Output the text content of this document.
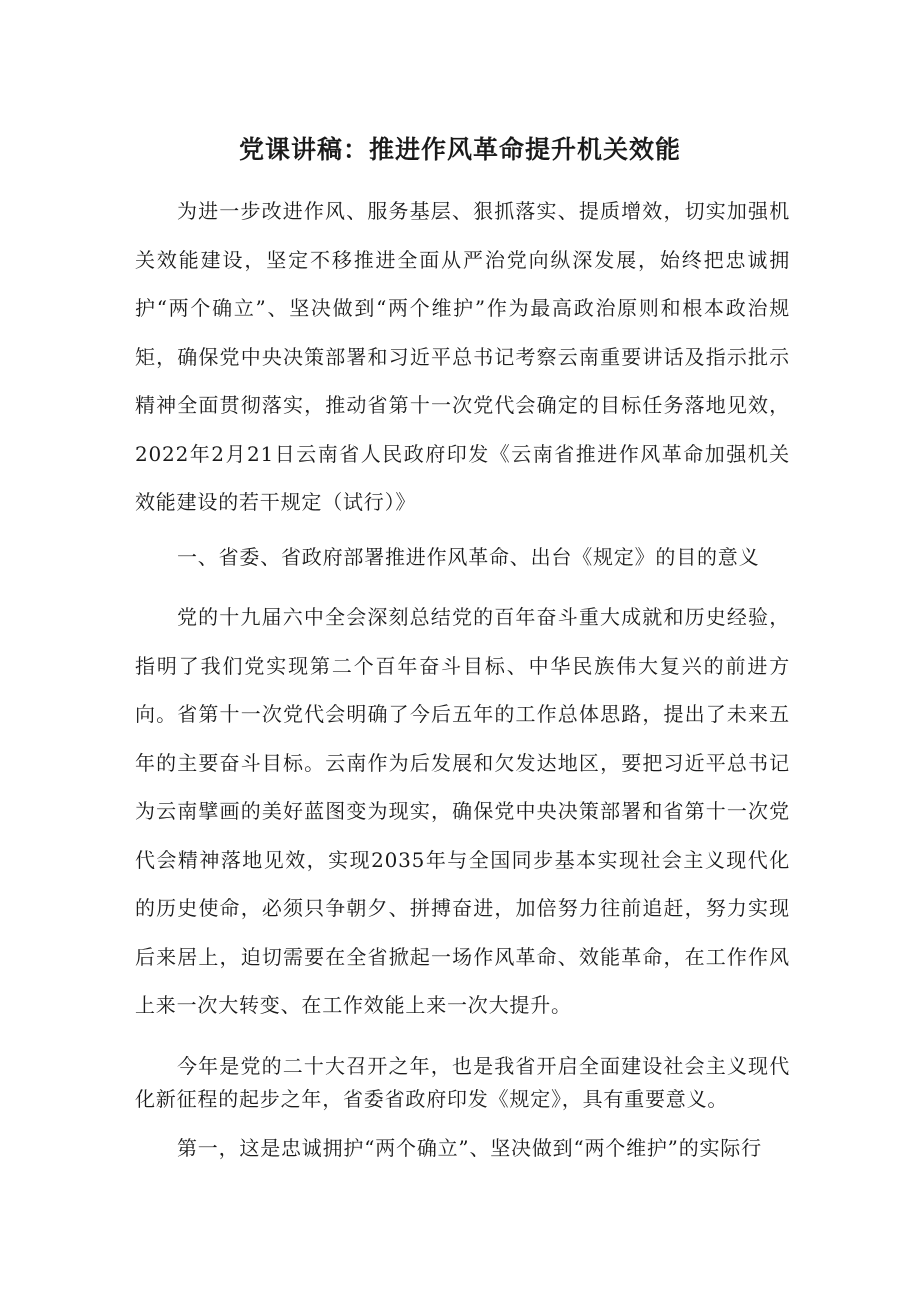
党课讲稿：推进作风革命提升机关效能

为进一步改进作风、服务基层、狠抓落实、提质增效，切实加强机关效能建设，坚定不移推进全面从严治党向纵深发展，始终把忠诚拥护“两个确立”、坚决做到“两个维护”作为最高政治原则和根本政治规矩，确保党中央决策部署和习近平总书记考察云南重要讲话及指示批示精神全面贯彻落实，推动省第十一次党代会确定的目标任务落地见效，2022年2月21日云南省人民政府印发《云南省推进作风革命加强机关效能建设的若干规定（试行）》

一、省委、省政府部署推进作风革命、出台《规定》的目的意义

党的十九届六中全会深刻总结党的百年奋斗重大成就和历史经验，指明了我们党实现第二个百年奋斗目标、中华民族伟大复兴的前进方向。省第十一次党代会明确了今后五年的工作总体思路，提出了未来五年的主要奋斗目标。云南作为后发展和欠发达地区，要把习近平总书记为云南擘画的美好蓝图变为现实，确保党中央决策部署和省第十一次党代会精神落地见效，实现2035年与全国同步基本实现社会主义现代化的历史使命，必须只争朝夕、拼搏奋进，加倍努力往前追赶，努力实现后来居上，迫切需要在全省掀起一场作风革命、效能革命，在工作作风上来一次大转变、在工作效能上来一次大提升。

今年是党的二十大召开之年，也是我省开启全面建设社会主义现代化新征程的起步之年，省委省政府印发《规定》，具有重要意义。

第一，这是忠诚拥护“两个确立”、坚决做到“两个维护”的实际行
